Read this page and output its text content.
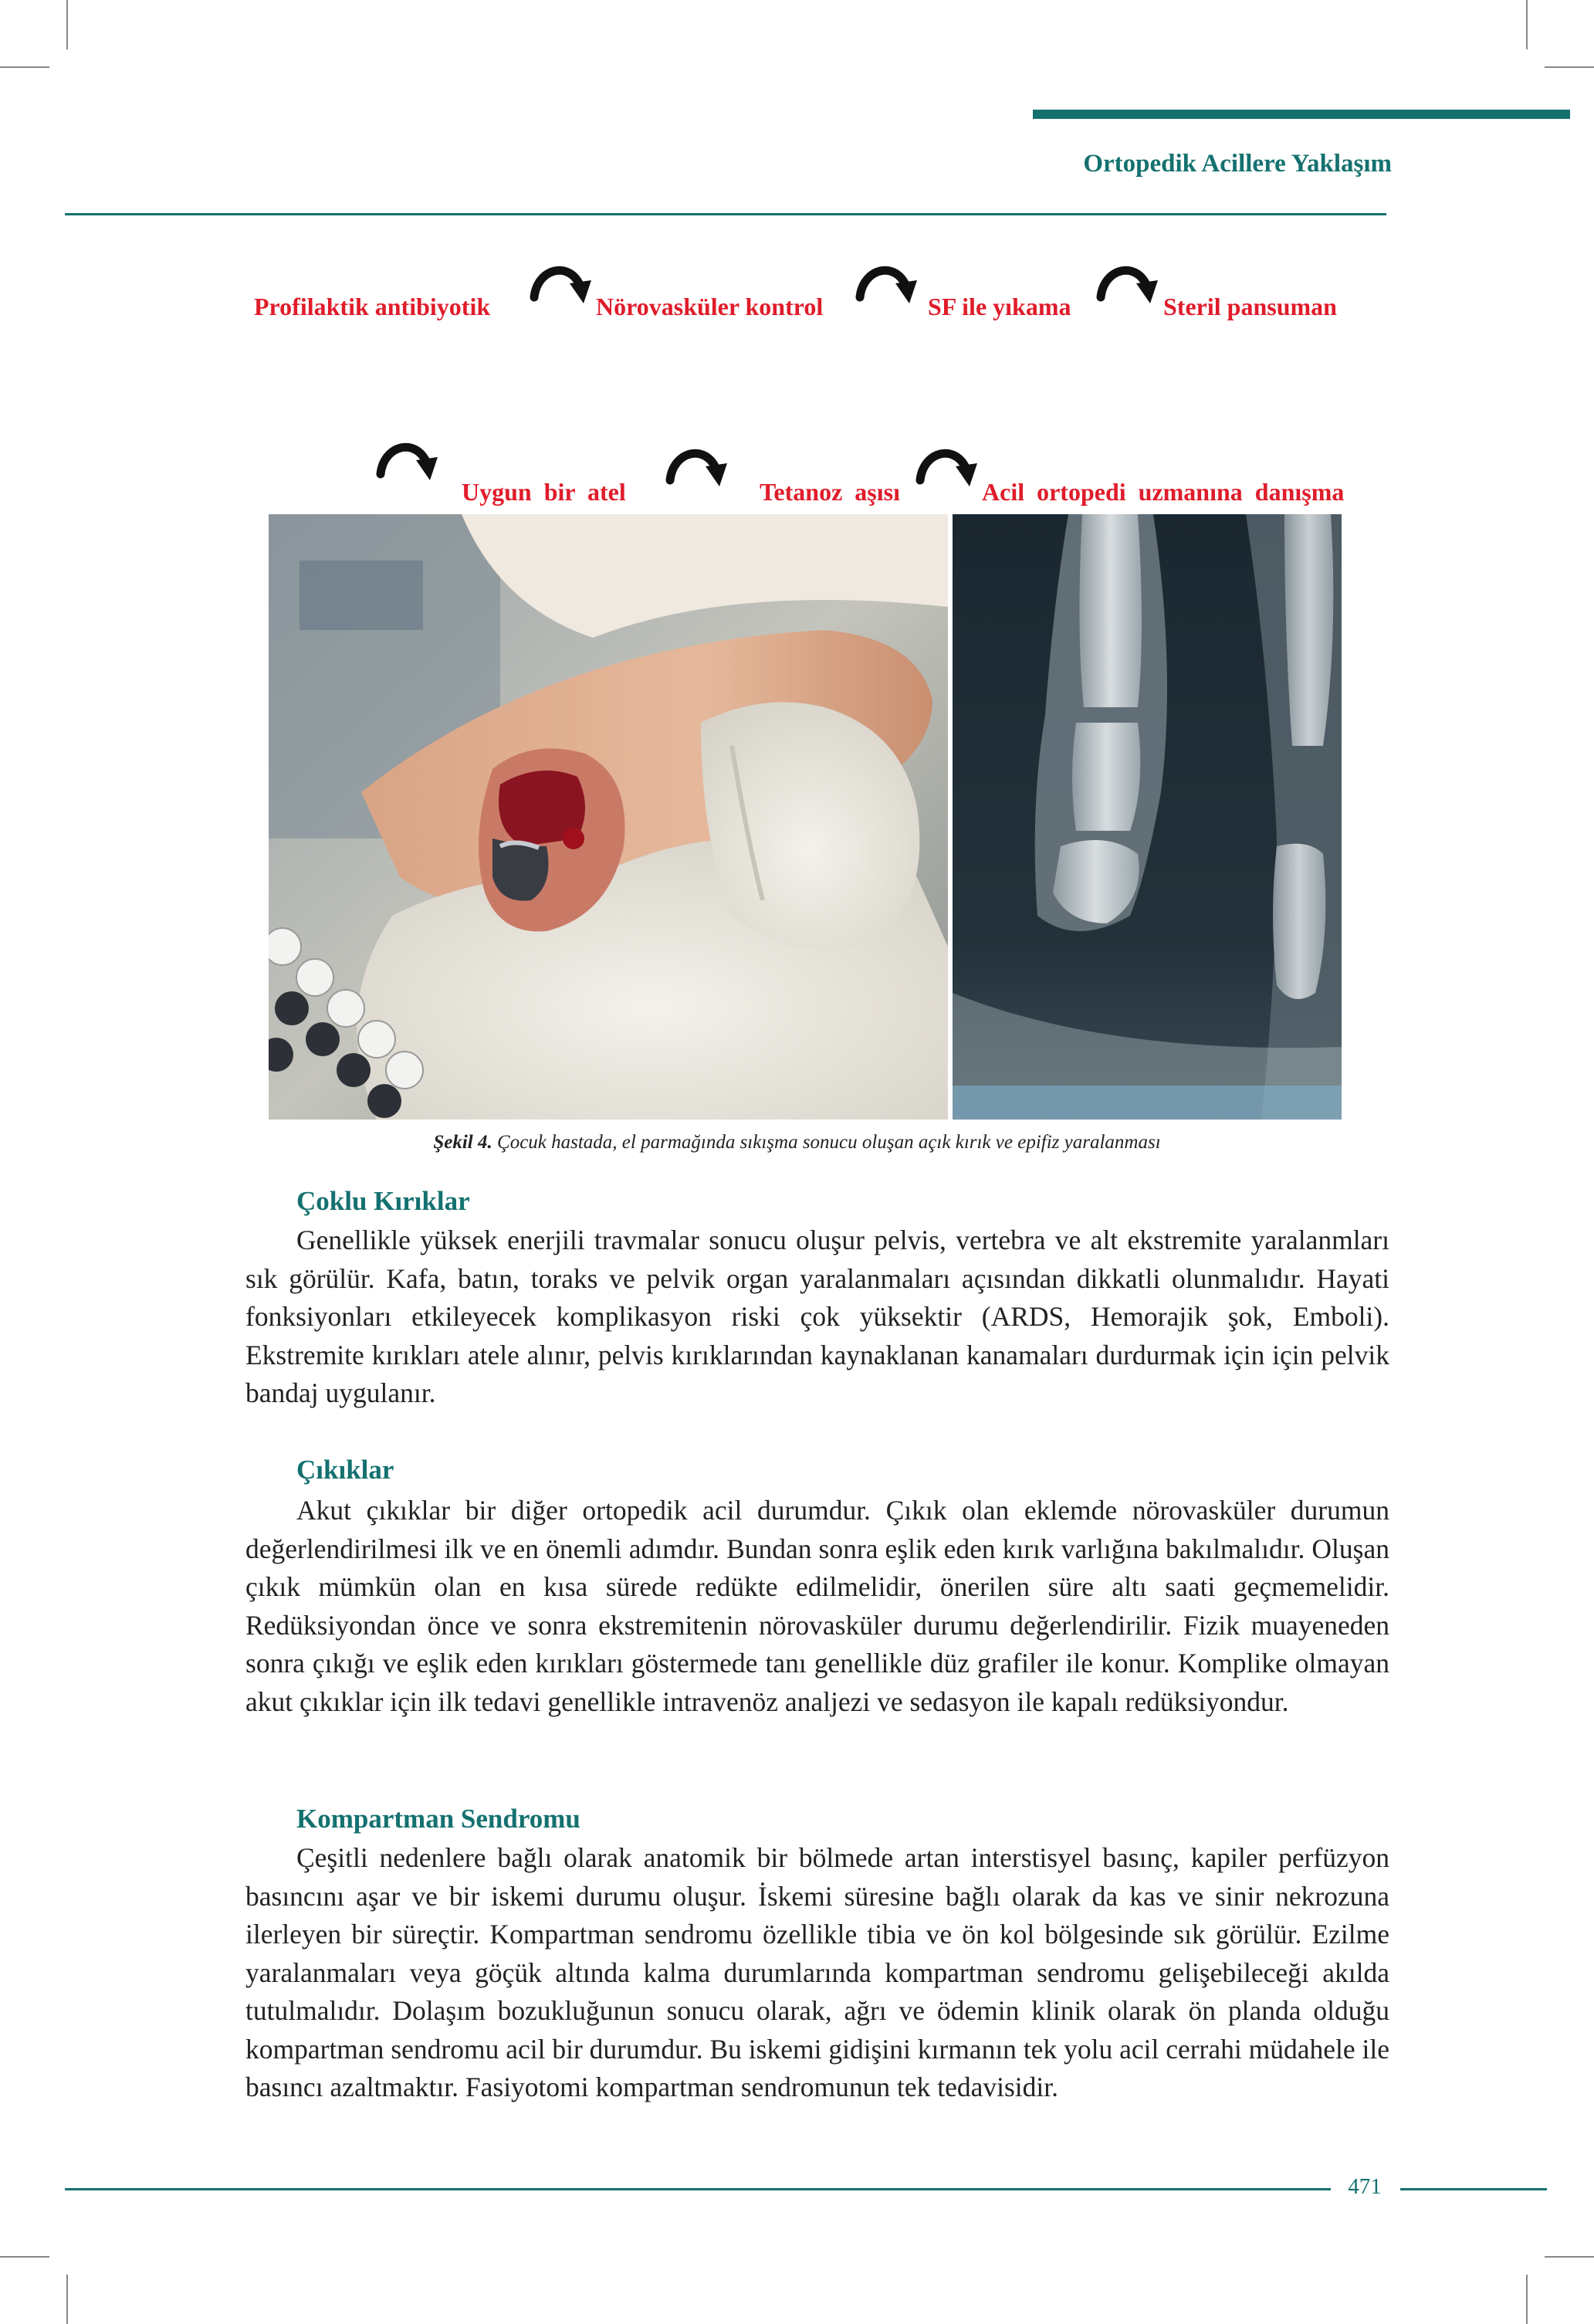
Ortopedik Acillere Yaklaşım
Profilaktik antibiyotik	Nörovasküler kontrol	SF ile yıkama	Steril pansuman
Uygun bir atel	Tetanoz aşısı	Acil ortopedi uzmanına danışma
Şekil 4. Çocuk hastada, el parmağında sıkışma sonucu oluşan açık kırık ve epifiz yaralanması
Çoklu Kırıklar

Genellikle yüksek enerjili travmalar sonucu oluşur pelvis, vertebra ve alt ekstremite yaralanmları sık görülür. Kafa, batın, toraks ve pelvik organ yaralanmaları açısından dikkatli olunmalıdır. Hayati fonksiyonları etkileyecek komplikasyon riski çok yüksektir (ARDS, Hemorajik şok, Emboli). Ekstremite kırıkları atele alınır, pelvis kırıklarından kaynaklanan kanamaları durdurmak için için pelvik bandaj uygulanır.

Çıkıklar

Akut çıkıklar bir diğer ortopedik acil durumdur. Çıkık olan eklemde nörovasküler durumun değerlendirilmesi ilk ve en önemli adımdır. Bundan sonra eşlik eden kırık varlığına bakılmalıdır. Oluşan çıkık mümkün olan en kısa sürede redükte edilmelidir, önerilen süre altı saati geçmemelidir. Redüksiyondan önce ve sonra ekstremitenin nörovasküler durumu değerlendirilir. Fizik muayeneden sonra çıkığı ve eşlik eden kırıkları göstermede tanı genellikle düz grafiler ile konur. Komplike olmayan akut çıkıklar için ilk tedavi genellikle intravenöz analjezi ve sedasyon ile kapalı redüksiyondur.

Kompartman Sendromu

Çeşitli nedenlere bağlı olarak anatomik bir bölmede artan interstisyel basınç, kapiler perfüzyon basıncını aşar ve bir iskemi durumu oluşur. İskemi süresine bağlı olarak da kas ve sinir nekrozuna ilerleyen bir süreçtir. Kompartman sendromu özellikle tibia ve ön kol bölgesinde sık görülür. Ezilme yaralanmaları veya göçük altında kalma durumlarında kompartman sendromu gelişebileceği akılda tutulmalıdır. Dolaşım bozukluğunun sonucu olarak, ağrı ve ödemin klinik olarak ön planda olduğu kompartman sendromu acil bir durumdur. Bu iskemi gidişini kırmanın tek yolu acil cerrahi müdahele ile basıncı azaltmaktır. Fasiyotomi kompartman sendromunun tek tedavisidir.

471
